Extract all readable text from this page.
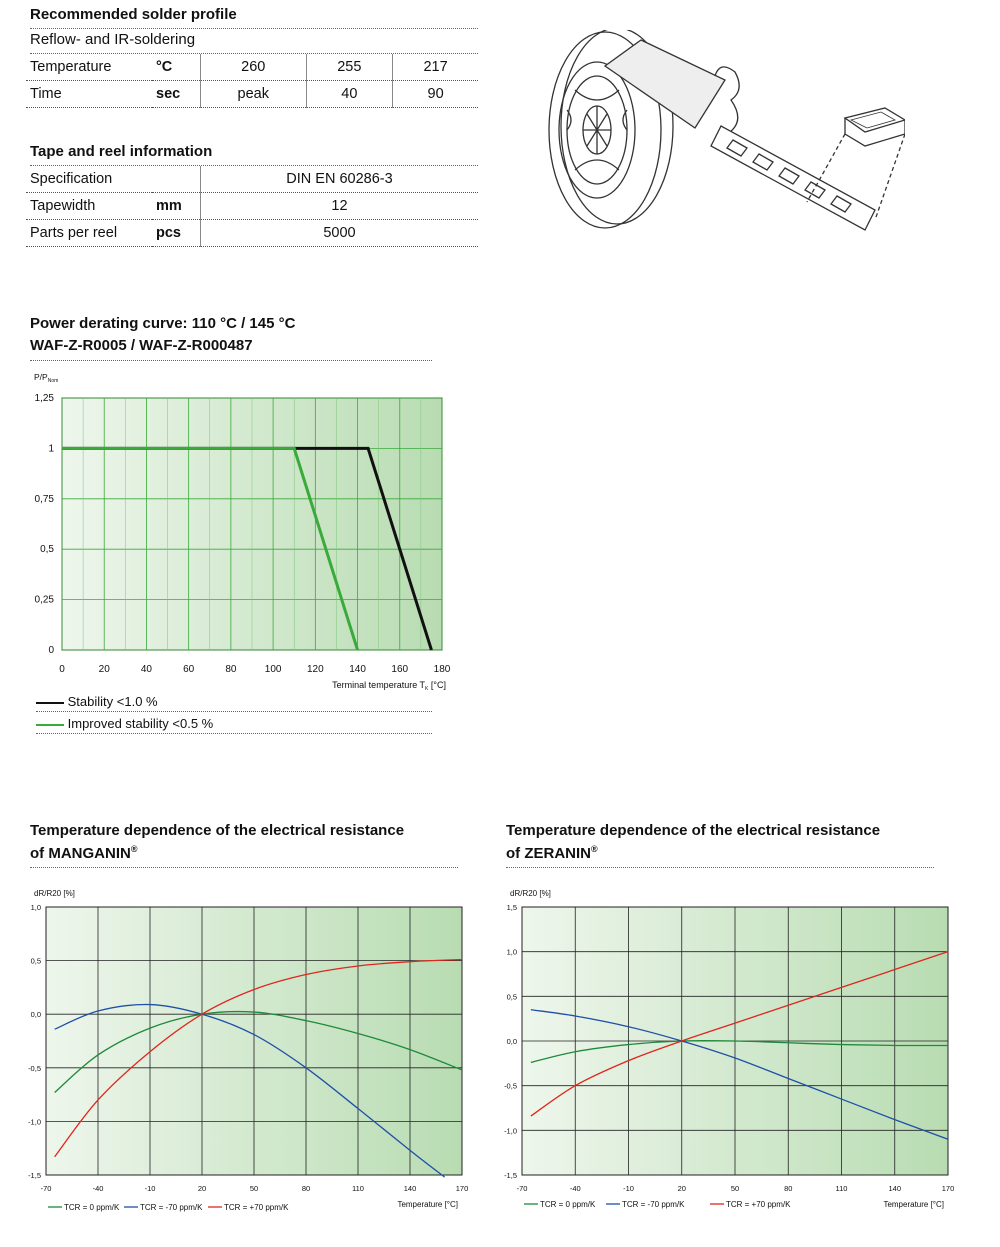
Recommended solder profile
Reflow- and IR-soldering
Temperature	°C	260	255	217
Time	sec	peak	40	90
Tape and reel information
Specification		DIN EN 60286-3
Tapewidth	mm	12
Parts per reel	pcs	5000
Power derating curve: 110 °C / 145 °C
WAF-Z-R0005 / WAF-Z-R000487
0	20	40	60	80	100	120	140	160	180
0
0,25
0,5
0,75
1
1,25
$P/P_{Nom}$
Terminal temperature $T_K$ [°C]
Stability <1.0 %
Improved stability <0.5 %
Temperature dependence of the electrical resistance
of MANGANIN®
-70	-40	-10	20	50	80	110	140	170
-1,5
-1,0
-0,5
0,0
0,5
1,0
dR/R20 [%]
Temperature [°C]
TCR = 0 ppm/K	TCR = -70 ppm/K	TCR = +70 ppm/K
Temperature dependence of the electrical resistance
of ZERANIN®
-70	-40	-10	20	50	80	110	140	170
-1,5
-1,0
-0,5
0,0
0,5
1,0
1,5
dR/R20 [%]
Temperature [°C]
TCR = 0 ppm/K	TCR = -70 ppm/K	TCR = +70 ppm/K
